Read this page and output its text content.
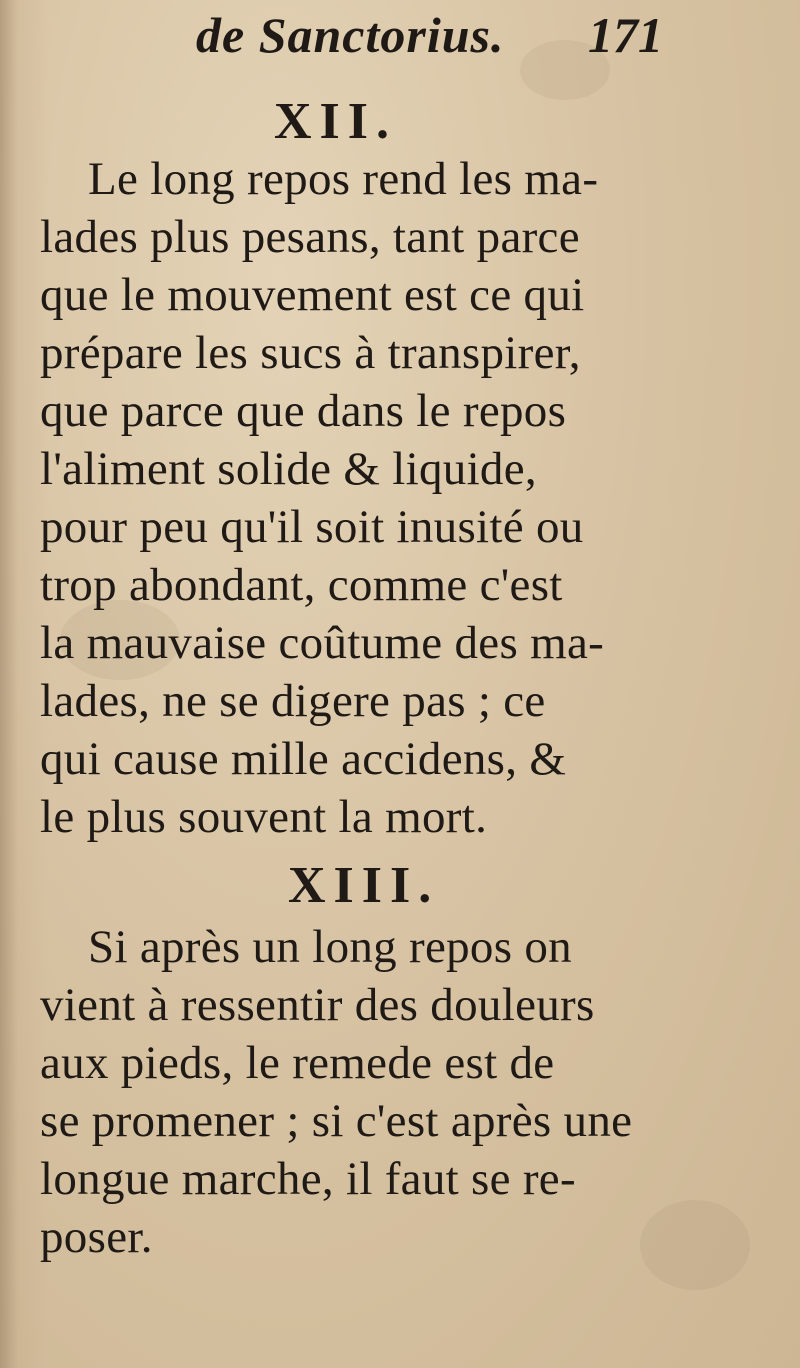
de Sanctorius. 171
XII.
Le long repos rend les ma-
lades plus pesans, tant parce
que le mouvement est ce qui
prépare les sucs à transpirer,
que parce que dans le repos
l'aliment solide & liquide,
pour peu qu'il soit inusité ou
trop abondant, comme c'est
la mauvaise coûtume des ma-
lades, ne se digere pas ; ce
qui cause mille accidens, &
le plus souvent la mort.
XIII.
Si après un long repos on
vient à ressentir des douleurs
aux pieds, le remede est de
se promener ; si c'est après une
longue marche, il faut se re-
poser.
